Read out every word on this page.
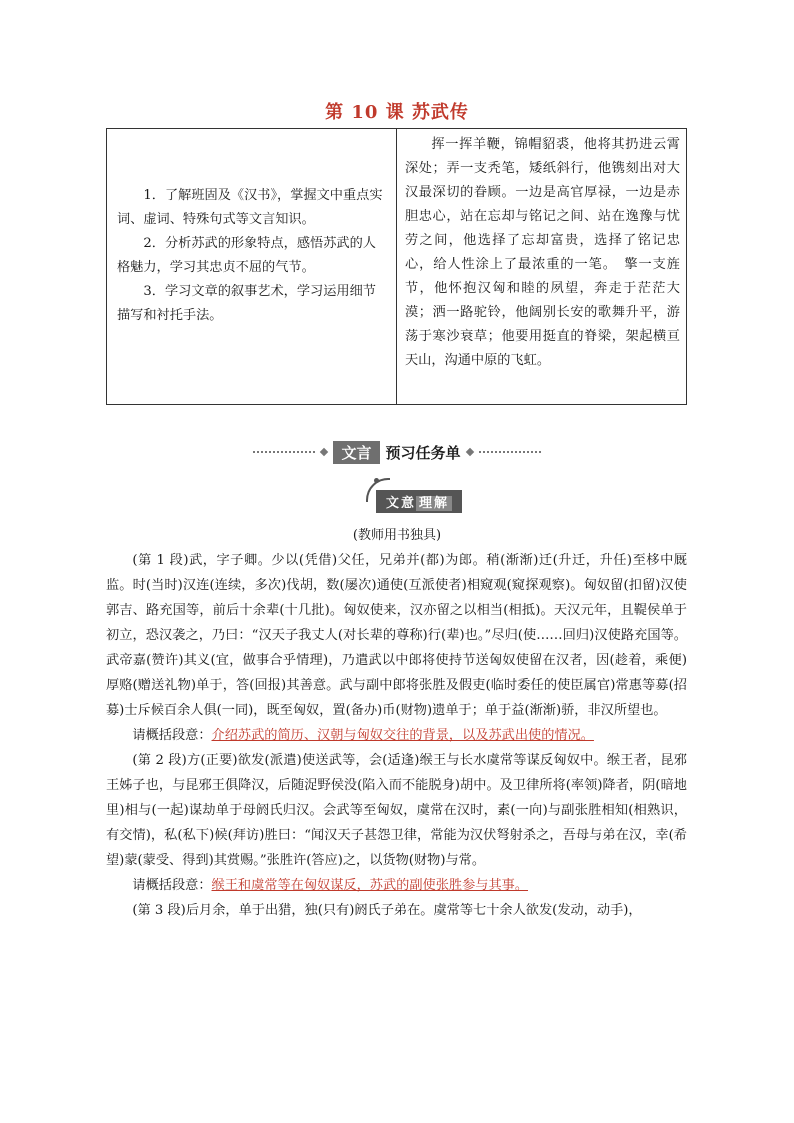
第 10 课 苏武传

1．了解班固及《汉书》，掌握文中重点实词、虚词、特殊句式等文言知识。

2．分析苏武的形象特点，感悟苏武的人格魅力，学习其忠贞不屈的气节。

3．学习文章的叙事艺术，学习运用细节描写和衬托手法。

挥一挥羊鞭，锦帽貂裘，他将其扔进云霄深处；弄一支秃笔，矮纸斜行，他镌刻出对大汉最深切的眷顾。一边是高官厚禄，一边是赤胆忠心，站在忘却与铭记之间、站在逸豫与忧劳之间，他选择了忘却富贵，选择了铭记忠心，给人性涂上了最浓重的一笔。　擎一支旌节，他怀抱汉匈和睦的夙望，奔走于茫茫大漠；洒一路驼铃，他阔别长安的歌舞升平，游荡于寒沙衰草；他要用挺直的脊梁，架起横亘天山，沟通中原的飞虹。

文言 预习任务单
文意 理解
(教师用书独具)

(第 1 段)武，字子卿。少以(凭借)父任，兄弟并(都)为郎。稍(渐渐)迁(升迁，升任)至栘中厩监。时(当时)汉连(连续，多次)伐胡，数(屡次)通使(互派使者)相窥观(窥探观察)。匈奴留(扣留)汉使郭吉、路充国等，前后十余辈(十几批)。匈奴使来，汉亦留之以相当(相抵)。天汉元年，且鞮侯单于初立，恐汉袭之，乃曰：“汉天子我丈人(对长辈的尊称)行(辈)也。”尽归(使……回归)汉使路充国等。武帝嘉(赞许)其义(宜，做事合乎情理)，乃遣武以中郎将使持节送匈奴使留在汉者，因(趁着，乘便)厚赂(赠送礼物)单于，答(回报)其善意。武与副中郎将张胜及假吏(临时委任的使臣属官)常惠等募(招募)士斥候百余人俱(一同)，既至匈奴，置(备办)币(财物)遗单于；单于益(渐渐)骄，非汉所望也。

请概括段意：介绍苏武的简历、汉朝与匈奴交往的背景，以及苏武出使的情况。

(第 2 段)方(正要)欲发(派遣)使送武等，会(适逢)缑王与长水虞常等谋反匈奴中。缑王者，昆邪王姊子也，与昆邪王俱降汉，后随浞野侯没(陷入而不能脱身)胡中。及卫律所将(率领)降者，阴(暗地里)相与(一起)谋劫单于母阏氏归汉。会武等至匈奴，虞常在汉时，素(一向)与副张胜相知(相熟识，有交情)，私(私下)候(拜访)胜曰：“闻汉天子甚怨卫律，常能为汉伏弩射杀之，吾母与弟在汉，幸(希望)蒙(蒙受、得到)其赏赐。”张胜许(答应)之，以货物(财物)与常。

请概括段意：缑王和虞常等在匈奴谋反，苏武的副使张胜参与其事。

(第 3 段)后月余，单于出猎，独(只有)阏氏子弟在。虞常等七十余人欲发(发动，动手)，
